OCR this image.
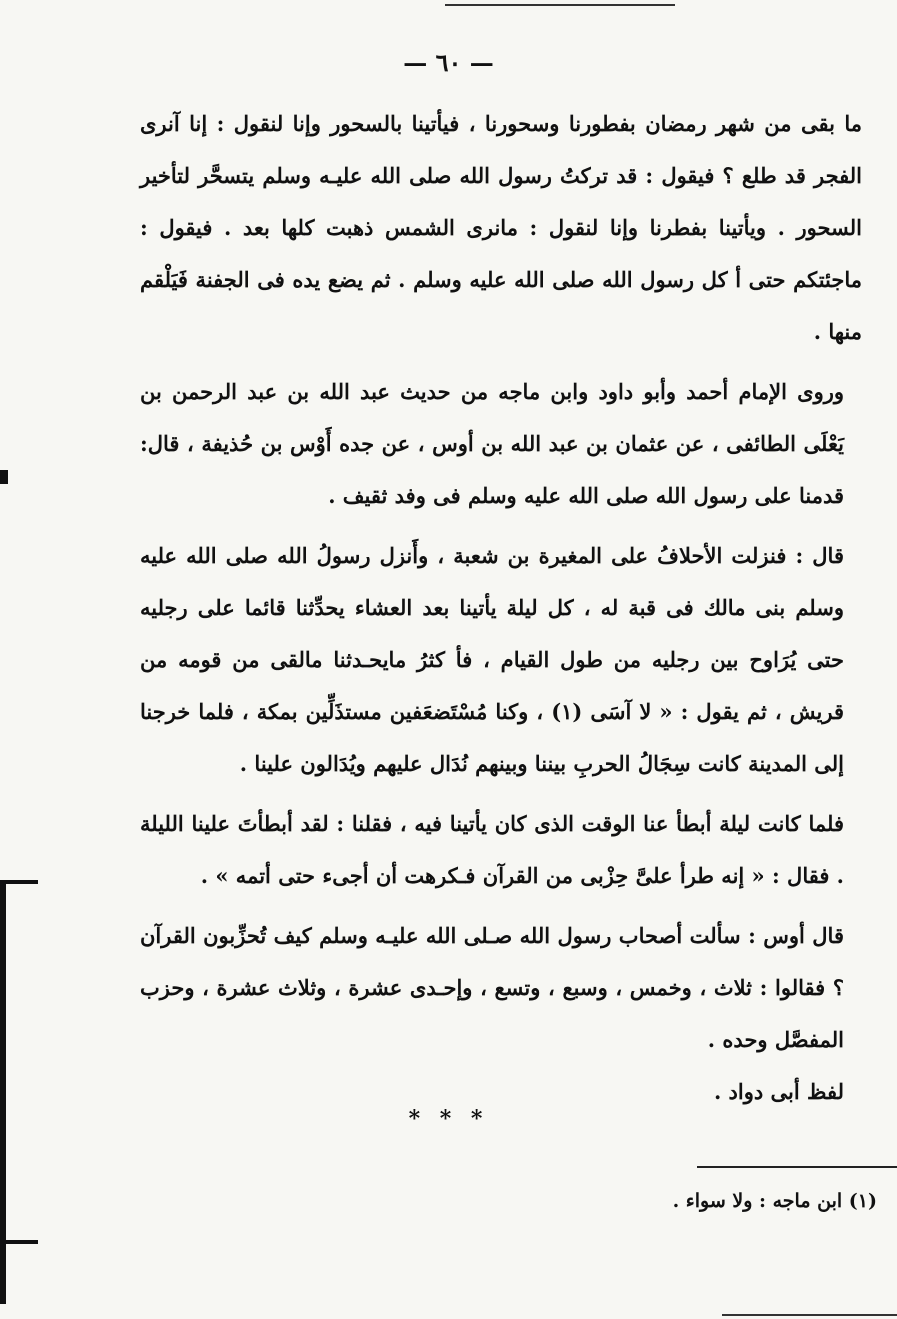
— ٦٠ —

ما بقى من شهر رمضان بفطورنا وسحورنا ، فيأتينا بالسحور وإنا لنقول : إنا آنرى الفجر قد طلع ؟ فيقول : قد تركتُ رسول الله صلى الله عليـه وسلم يتسحَّر لتأخير السحور . ويأتينا بفطرنا وإنا لنقول : مانرى الشمس ذهبت كلها بعد . فيقول : ماجئتكم حتى أ كل رسول الله صلى الله عليه وسلم . ثم يضع يده فى الجفنة فَيَلْقم منها .

وروى الإمام أحمد وأبو داود وابن ماجه من حديث عبد الله بن عبد الرحمن بن يَعْلَى الطائفى ، عن عثمان بن عبد الله بن أوس ، عن جده أَوْس بن حُذيفة ، قال: قدمنا على رسول الله صلى الله عليه وسلم فى وفد ثقيف .

قال : فنزلت الأحلافُ على المغيرة بن شعبة ، وأَنزل رسولُ الله صلى الله عليه وسلم بنى مالك فى قبة له ، كل ليلة يأتينا بعد العشاء يحدِّثنا قائما على رجليه حتى يُرَاوح بين رجليه من طول القيام ، فأ كثرُ مايحـدثنا مالقى من قومه من قريش ، ثم يقول : « لا آسَى (١) ، وكنا مُسْتَضعَفين مستذَلِّين بمكة ، فلما خرجنا إلى المدينة كانت سِجَالُ الحربِ بيننا وبينهم نُدَال عليهم ويُدَالون علينا .

فلما كانت ليلة أبطأ عنا الوقت الذى كان يأتينا فيه ، فقلنا : لقد أبطأتَ علينا الليلة . فقال : « إنه طرأ علىَّ حِزْبى من القرآن فـكرهت أن أجىء حتى أتمه » .

قال أوس : سألت أصحاب رسول الله صـلى الله عليـه وسلم كيف تُحزِّبون القرآن ؟ فقالوا : ثلاث ، وخمس ، وسبع ، وتسع ، وإحـدى عشرة ، وثلاث عشرة ، وحزب المفصَّل وحده .

لفظ أبى دواد .

* * *
(١) ابن ماجه : ولا سواء .
